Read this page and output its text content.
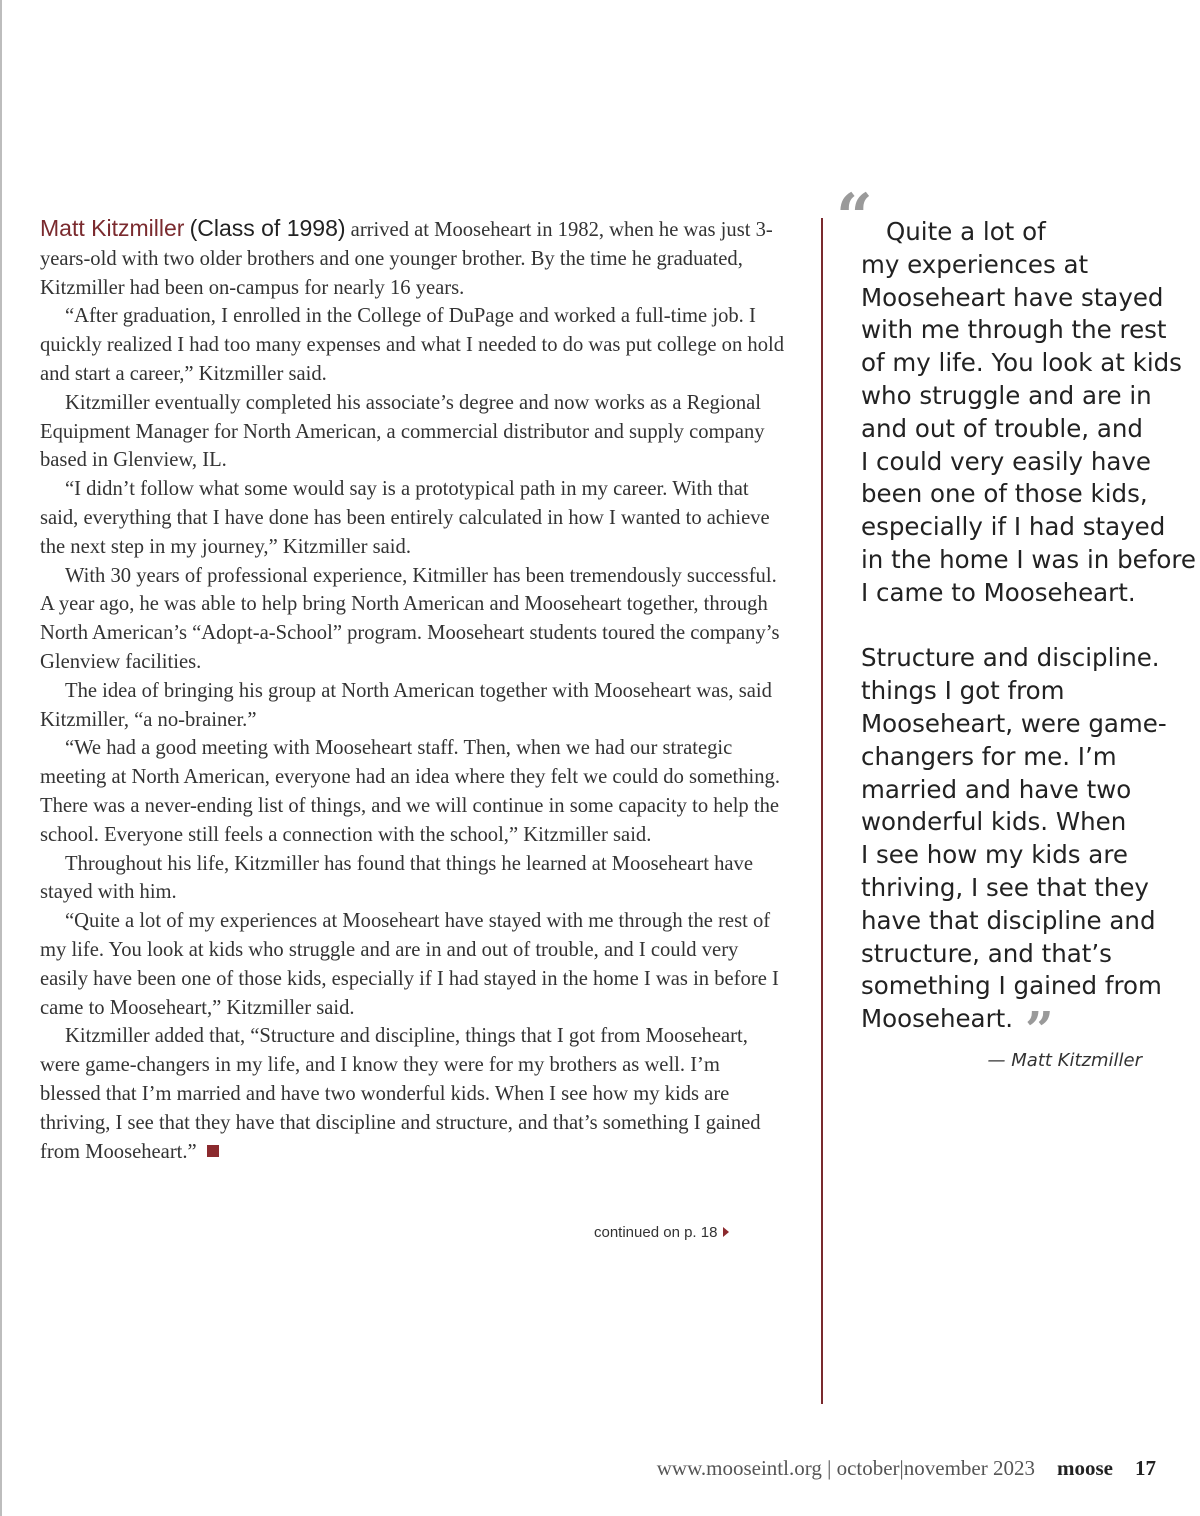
Matt Kitzmiller (Class of 1998) arrived at Mooseheart in 1982, when he was just 3-years-old with two older brothers and one younger brother. By the time he graduated, Kitzmiller had been on-campus for nearly 16 years.

“After graduation, I enrolled in the College of DuPage and worked a full-time job. I quickly realized I had too many expenses and what I needed to do was put college on hold and start a career,” Kitzmiller said.

Kitzmiller eventually completed his associate’s degree and now works as a Regional Equipment Manager for North American, a commercial distributor and supply company based in Glenview, IL.

“I didn’t follow what some would say is a prototypical path in my career. With that said, everything that I have done has been entirely calculated in how I wanted to achieve the next step in my journey,” Kitzmiller said.

With 30 years of professional experience, Kitmiller has been tremendously successful. A year ago, he was able to help bring North American and Mooseheart together, through North American’s “Adopt-a-School” program. Mooseheart students toured the company’s Glenview facilities.

The idea of bringing his group at North American together with Mooseheart was, said Kitzmiller, “a no-brainer.”

“We had a good meeting with Mooseheart staff. Then, when we had our strategic meeting at North American, everyone had an idea where they felt we could do something. There was a never-ending list of things, and we will continue in some capacity to help the school. Everyone still feels a connection with the school,” Kitzmiller said.

Throughout his life, Kitzmiller has found that things he learned at Mooseheart have stayed with him.

“Quite a lot of my experiences at Mooseheart have stayed with me through the rest of my life. You look at kids who struggle and are in and out of trouble, and I could very easily have been one of those kids, especially if I had stayed in the home I was in before I came to Mooseheart,” Kitzmiller said.

Kitzmiller added that, “Structure and discipline, things that I got from Mooseheart, were game-changers in my life, and I know they were for my brothers as well. I’m blessed that I’m married and have two wonderful kids. When I see how my kids are thriving, I see that they have that discipline and structure, and that’s something I gained from Mooseheart.”

continued on p. 18
“ Quite a lot of
my experiences at
Mooseheart have stayed
with me through the rest
of my life. You look at kids
who struggle and are in
and out of trouble, and
I could very easily have
been one of those kids,
especially if I had stayed
in the home I was in before
I came to Mooseheart.
Structure and discipline.
things I got from
Mooseheart, were game-
changers for me. I’m
married and have two
wonderful kids. When
I see how my kids are
thriving, I see that they
have that discipline and
structure, and that’s
something I gained from
Mooseheart. ”
— Matt Kitzmiller
www.mooseintl.org | october|november 2023 moose 17
